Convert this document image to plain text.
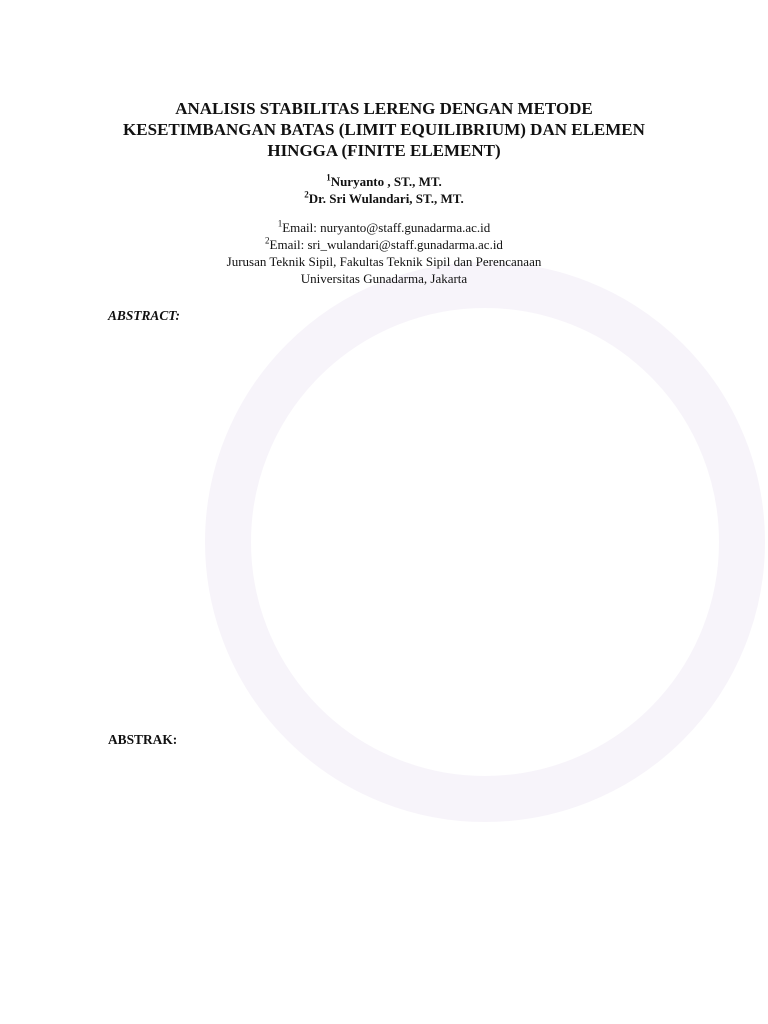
ANALISIS STABILITAS LERENG DENGAN METODE KESETIMBANGAN BATAS (LIMIT EQUILIBRIUM) DAN ELEMEN HINGGA (FINITE ELEMENT)
$^1$Nuryanto , ST., MT.
$^2$Dr. Sri Wulandari, ST., MT.
$^1$Email: nuryanto@staff.gunadarma.ac.id
$^2$Email: sri_wulandari@staff.gunadarma.ac.id
Jurusan Teknik Sipil, Fakultas Teknik Sipil dan Perencanaan
Universitas Gunadarma, Jakarta
ABSTRACT:
ABSTRAK:
